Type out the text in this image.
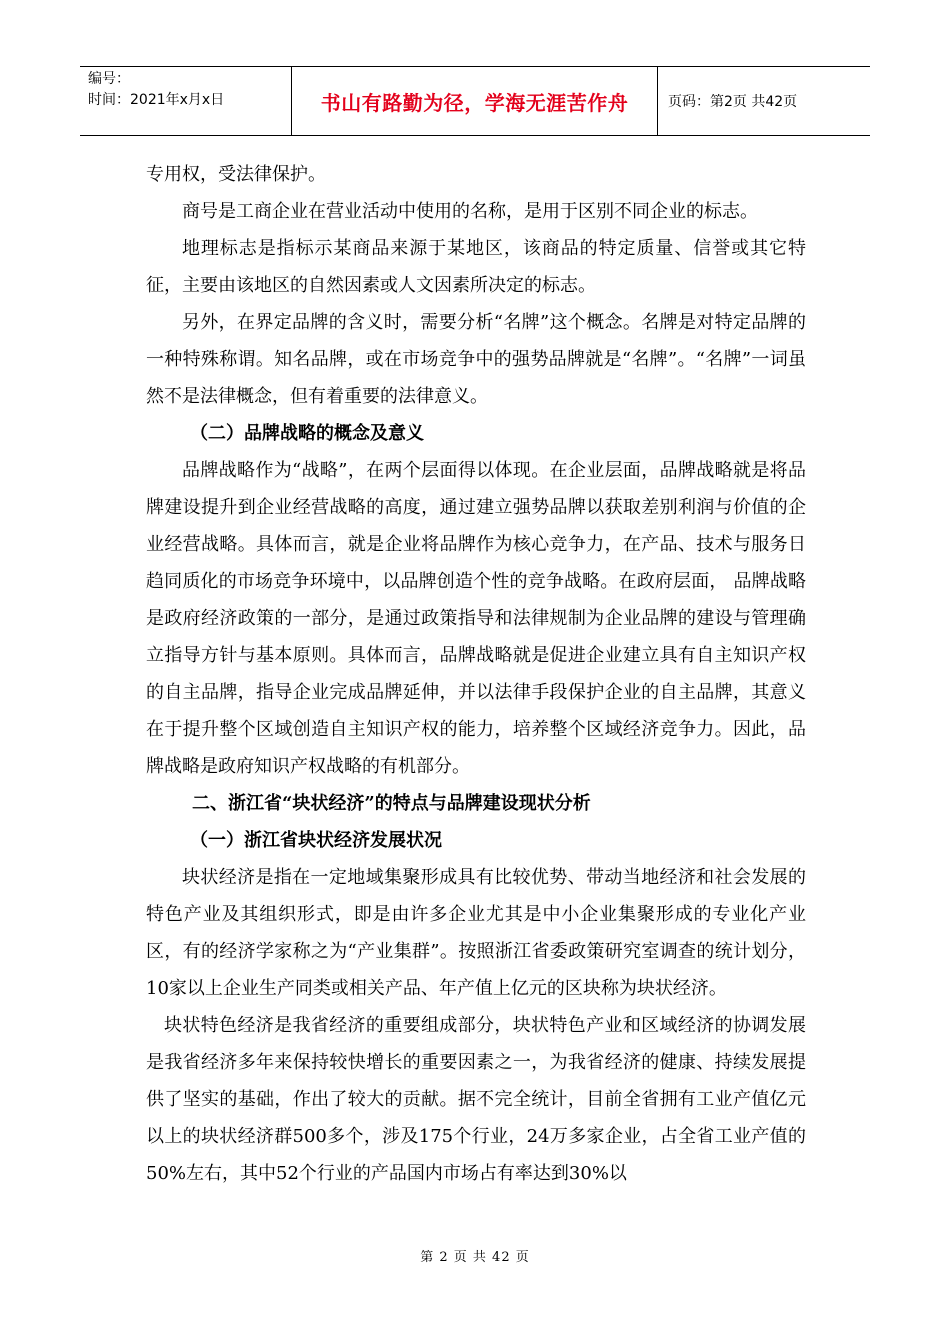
编号：
时间：2021年x月x日	书山有路勤为径，学海无涯苦作舟	页码：第2页 共42页

专用权，受法律保护。

商号是工商企业在营业活动中使用的名称，是用于区别不同企业的标志。

地理标志是指标示某商品来源于某地区，该商品的特定质量、信誉或其它特征，主要由该地区的自然因素或人文因素所决定的标志。

另外，在界定品牌的含义时，需要分析“名牌”这个概念。名牌是对特定品牌的一种特殊称谓。知名品牌，或在市场竞争中的强势品牌就是“名牌”。“名牌”一词虽然不是法律概念，但有着重要的法律意义。

（二）品牌战略的概念及意义

品牌战略作为“战略”，在两个层面得以体现。在企业层面，品牌战略就是将品牌建设提升到企业经营战略的高度，通过建立强势品牌以获取差别利润与价值的企业经营战略。具体而言，就是企业将品牌作为核心竞争力，在产品、技术与服务日趋同质化的市场竞争环境中，以品牌创造个性的竞争战略。在政府层面， 品牌战略是政府经济政策的一部分，是通过政策指导和法律规制为企业品牌的建设与管理确立指导方针与基本原则。具体而言，品牌战略就是促进企业建立具有自主知识产权的自主品牌，指导企业完成品牌延伸，并以法律手段保护企业的自主品牌，其意义在于提升整个区域创造自主知识产权的能力，培养整个区域经济竞争力。因此，品牌战略是政府知识产权战略的有机部分。

二、浙江省“块状经济”的特点与品牌建设现状分析
（一）浙江省块状经济发展状况

块状经济是指在一定地域集聚形成具有比较优势、带动当地经济和社会发展的特色产业及其组织形式，即是由许多企业尤其是中小企业集聚形成的专业化产业区，有的经济学家称之为“产业集群”。按照浙江省委政策研究室调查的统计划分，10家以上企业生产同类或相关产品、年产值上亿元的区块称为块状经济。

块状特色经济是我省经济的重要组成部分，块状特色产业和区域经济的协调发展是我省经济多年来保持较快增长的重要因素之一，为我省经济的健康、持续发展提供了坚实的基础，作出了较大的贡献。据不完全统计，目前全省拥有工业产值亿元以上的块状经济群500多个，涉及175个行业，24万多家企业，占全省工业产值的50%左右，其中52个行业的产品国内市场占有率达到30%以

第 2 页 共 42 页
